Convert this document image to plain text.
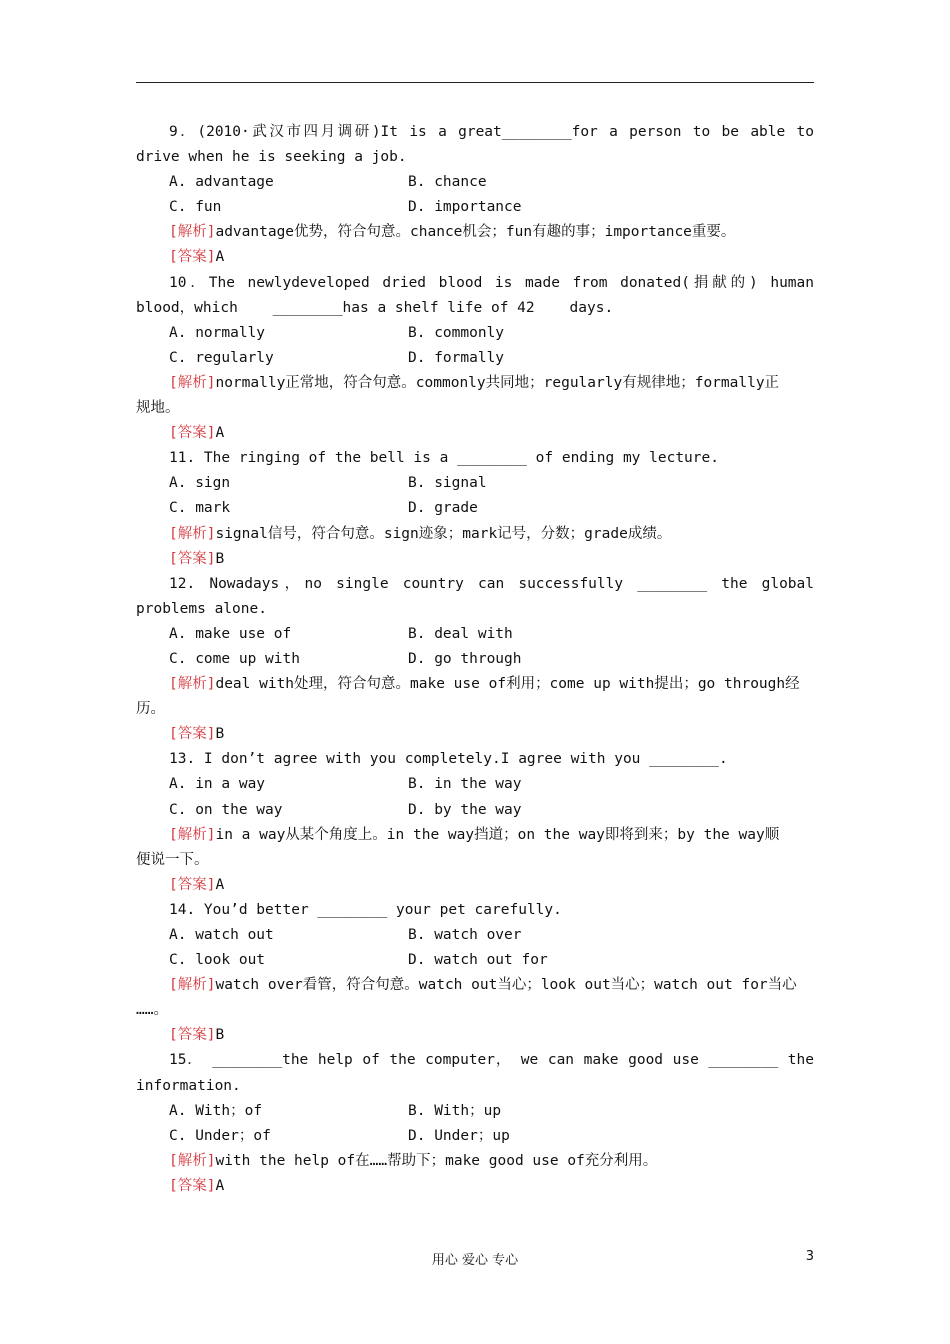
9．(2010·武汉市四月调研)It is a great________for a person to be able to
drive when he is seeking a job.
A. advantage	B. chance
C. fun	D. importance
[解析]advantage优势，符合句意。chance机会；fun有趣的事；importance重要。
[答案]A
10．The newlydeveloped dried blood is made from donated(捐献的) human
blood，which    ________has a shelf life of 42    days.
A. normally	B. commonly
C. regularly	D. formally
[解析]normally正常地，符合句意。commonly共同地；regularly有规律地；formally正
规地。
[答案]A
11. The ringing of the bell is a ________ of ending my lecture.
A. sign	B. signal
C. mark	D. grade
[解析]signal信号，符合句意。sign迹象；mark记号，分数；grade成绩。
[答案]B
12. Nowadays，no single country can successfully ________ the global
problems alone.
A. make use of	B. deal with
C. come up with	D. go through
[解析]deal with处理，符合句意。make use of利用；come up with提出；go through经
历。
[答案]B
13. I don’t agree with you completely.I agree with you ________.
A. in a way	B. in the way
C. on the way	D. by the way
[解析]in a way从某个角度上。in the way挡道；on the way即将到来；by the way顺
便说一下。
[答案]A
14. You’d better ________ your pet carefully.
A. watch out	B. watch over
C. look out	D. watch out for
[解析]watch over看管，符合句意。watch out当心；look out当心；watch out for当心
……。
[答案]B
15． ________the help of the computer， we can make good use ________ the
information.
A. With；of	B. With；up
C. Under；of	D. Under；up
[解析]with the help of在……帮助下；make good use of充分利用。
[答案]A
用心 爱心 专心	3
